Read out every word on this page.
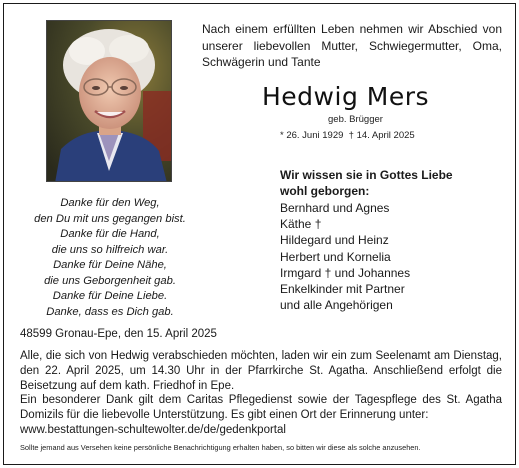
Nach einem erfüllten Leben nehmen wir Abschied von unserer liebevollen Mutter, Schwiegermutter, Oma, Schwägerin und Tante
Hedwig Mers
geb. Brügger
* 26. Juni 1929 † 14. April 2025
Wir wissen sie in Gottes Liebe
wohl geborgen:
Bernhard und Agnes
Käthe †
Hildegard und Heinz
Herbert und Kornelia
Irmgard † und Johannes
Enkelkinder mit Partner
und alle Angehörigen
Danke für den Weg,
den Du mit uns gegangen bist.
Danke für die Hand,
die uns so hilfreich war.
Danke für Deine Nähe,
die uns Geborgenheit gab.
Danke für Deine Liebe.
Danke, dass es Dich gab.
48599 Gronau-Epe, den 15. April 2025

Alle, die sich von Hedwig verabschieden möchten, laden wir ein zum Seelenamt am Dienstag, den 22. April 2025, um 14.30 Uhr in der Pfarrkirche St. Agatha. Anschließend erfolgt die Beisetzung auf dem kath. Friedhof in Epe.

Ein besonderer Dank gilt dem Caritas Pflegedienst sowie der Tagespflege des St. Agatha Domizils für die liebevolle Unterstützung. Es gibt einen Ort der Erinnerung unter:

www.bestattungen-schultewolter.de/de/gedenkportal

Sollte jemand aus Versehen keine persönliche Benachrichtigung erhalten haben, so bitten wir diese als solche anzusehen.
